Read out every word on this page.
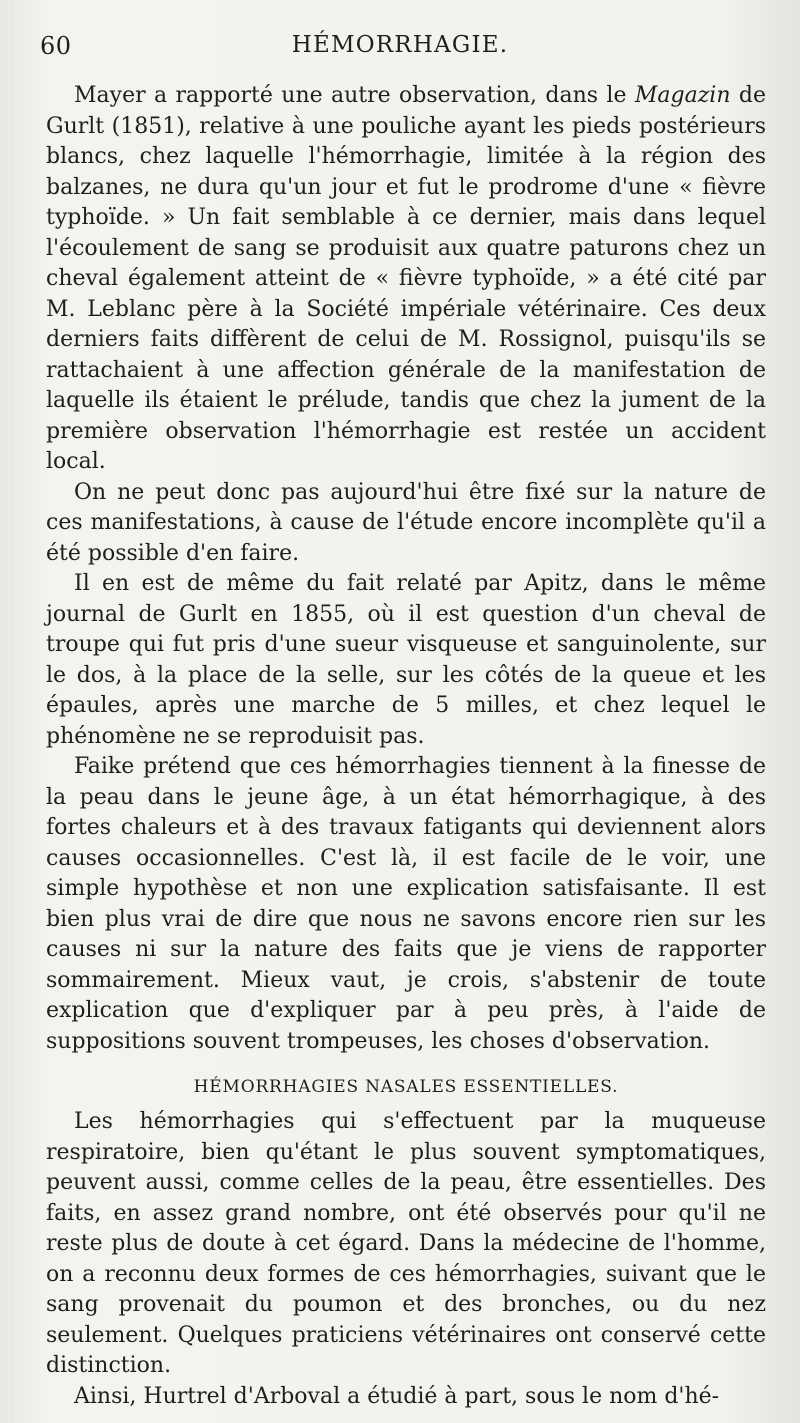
60	HÉMORRHAGIE.

Mayer a rapporté une autre observation, dans le Magazin de Gurlt (1851), relative à une pouliche ayant les pieds postérieurs blancs, chez laquelle l'hémorrhagie, limitée à la région des balzanes, ne dura qu'un jour et fut le prodrome d'une « fièvre typhoïde. » Un fait semblable à ce dernier, mais dans lequel l'écoulement de sang se produisit aux quatre paturons chez un cheval également atteint de « fièvre typhoïde, » a été cité par M. Leblanc père à la Société impériale vétérinaire. Ces deux derniers faits diffèrent de celui de M. Rossignol, puisqu'ils se rattachaient à une affection générale de la manifestation de laquelle ils étaient le prélude, tandis que chez la jument de la première observation l'hémorrhagie est restée un accident local.

On ne peut donc pas aujourd'hui être fixé sur la nature de ces manifestations, à cause de l'étude encore incomplète qu'il a été possible d'en faire.

Il en est de même du fait relaté par Apitz, dans le même journal de Gurlt en 1855, où il est question d'un cheval de troupe qui fut pris d'une sueur visqueuse et sanguinolente, sur le dos, à la place de la selle, sur les côtés de la queue et les épaules, après une marche de 5 milles, et chez lequel le phénomène ne se reproduisit pas.

Faike prétend que ces hémorrhagies tiennent à la finesse de la peau dans le jeune âge, à un état hémorrhagique, à des fortes chaleurs et à des travaux fatigants qui deviennent alors causes occasionnelles. C'est là, il est facile de le voir, une simple hypothèse et non une explication satisfaisante. Il est bien plus vrai de dire que nous ne savons encore rien sur les causes ni sur la nature des faits que je viens de rapporter sommairement. Mieux vaut, je crois, s'abstenir de toute explication que d'expliquer par à peu près, à l'aide de suppositions souvent trompeuses, les choses d'observation.

HÉMORRHAGIES NASALES ESSENTIELLES.

Les hémorrhagies qui s'effectuent par la muqueuse respiratoire, bien qu'étant le plus souvent symptomatiques, peuvent aussi, comme celles de la peau, être essentielles. Des faits, en assez grand nombre, ont été observés pour qu'il ne reste plus de doute à cet égard. Dans la médecine de l'homme, on a reconnu deux formes de ces hémorrhagies, suivant que le sang provenait du poumon et des bronches, ou du nez seulement. Quelques praticiens vétérinaires ont conservé cette distinction.

Ainsi, Hurtrel d'Arboval a étudié à part, sous le nom d'hé-
